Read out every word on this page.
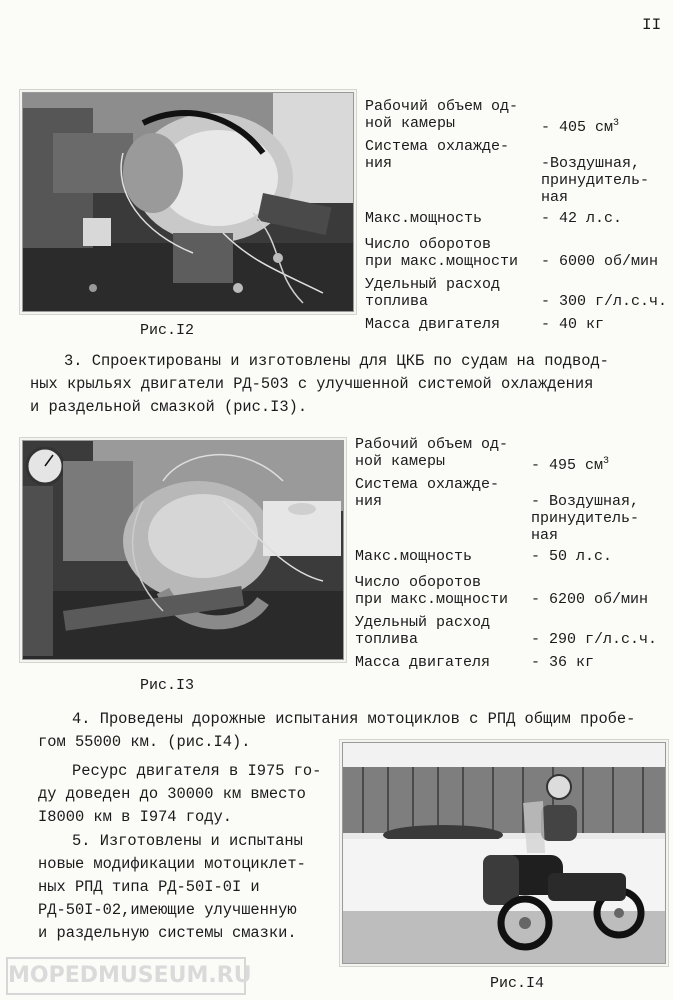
II
Рис.I2
Рабочий объем од-
ной камеры	- 405 $см^3$
Система охлажде-
ния	-Воздушная,
принудитель-
ная
Макс.мощность	- 42 л.с.
Число оборотов
при макс.мощности - 6000 об/мин
Удельный расход
топлива	- 300 г/л.с.ч.
Масса двигателя	- 40 кг
3. Спроектированы и изготовлены для ЦКБ по судам на подвод-
ных крыльях двигатели РД-503 с улучшенной системой охлаждения
и раздельной смазкой (рис.I3).
Рис.I3
Рабочий объем од-
ной камеры	- 495 $см^3$
Система охлажде-
ния	- Воздушная,
принудитель-
ная
Макс.мощность	- 50 л.с.
Число оборотов
при макс.мощности - 6200 об/мин
Удельный расход
топлива	- 290 г/л.с.ч.
Масса двигателя	- 36 кг
4. Проведены дорожные испытания мотоциклов с РПД общим пробе-
гом 55000 км. (рис.I4).
Ресурс двигателя в I975 го-
ду доведен до 30000 км вместо
I8000 км в I974 году.
5. Изготовлены и испытаны
новые модификации мотоциклет-
ных РПД типа РД-50I-0I и
РД-50I-02,имеющие улучшенную
и раздельную системы смазки.
Рис.I4
MOPEDMUSEUM.RU
